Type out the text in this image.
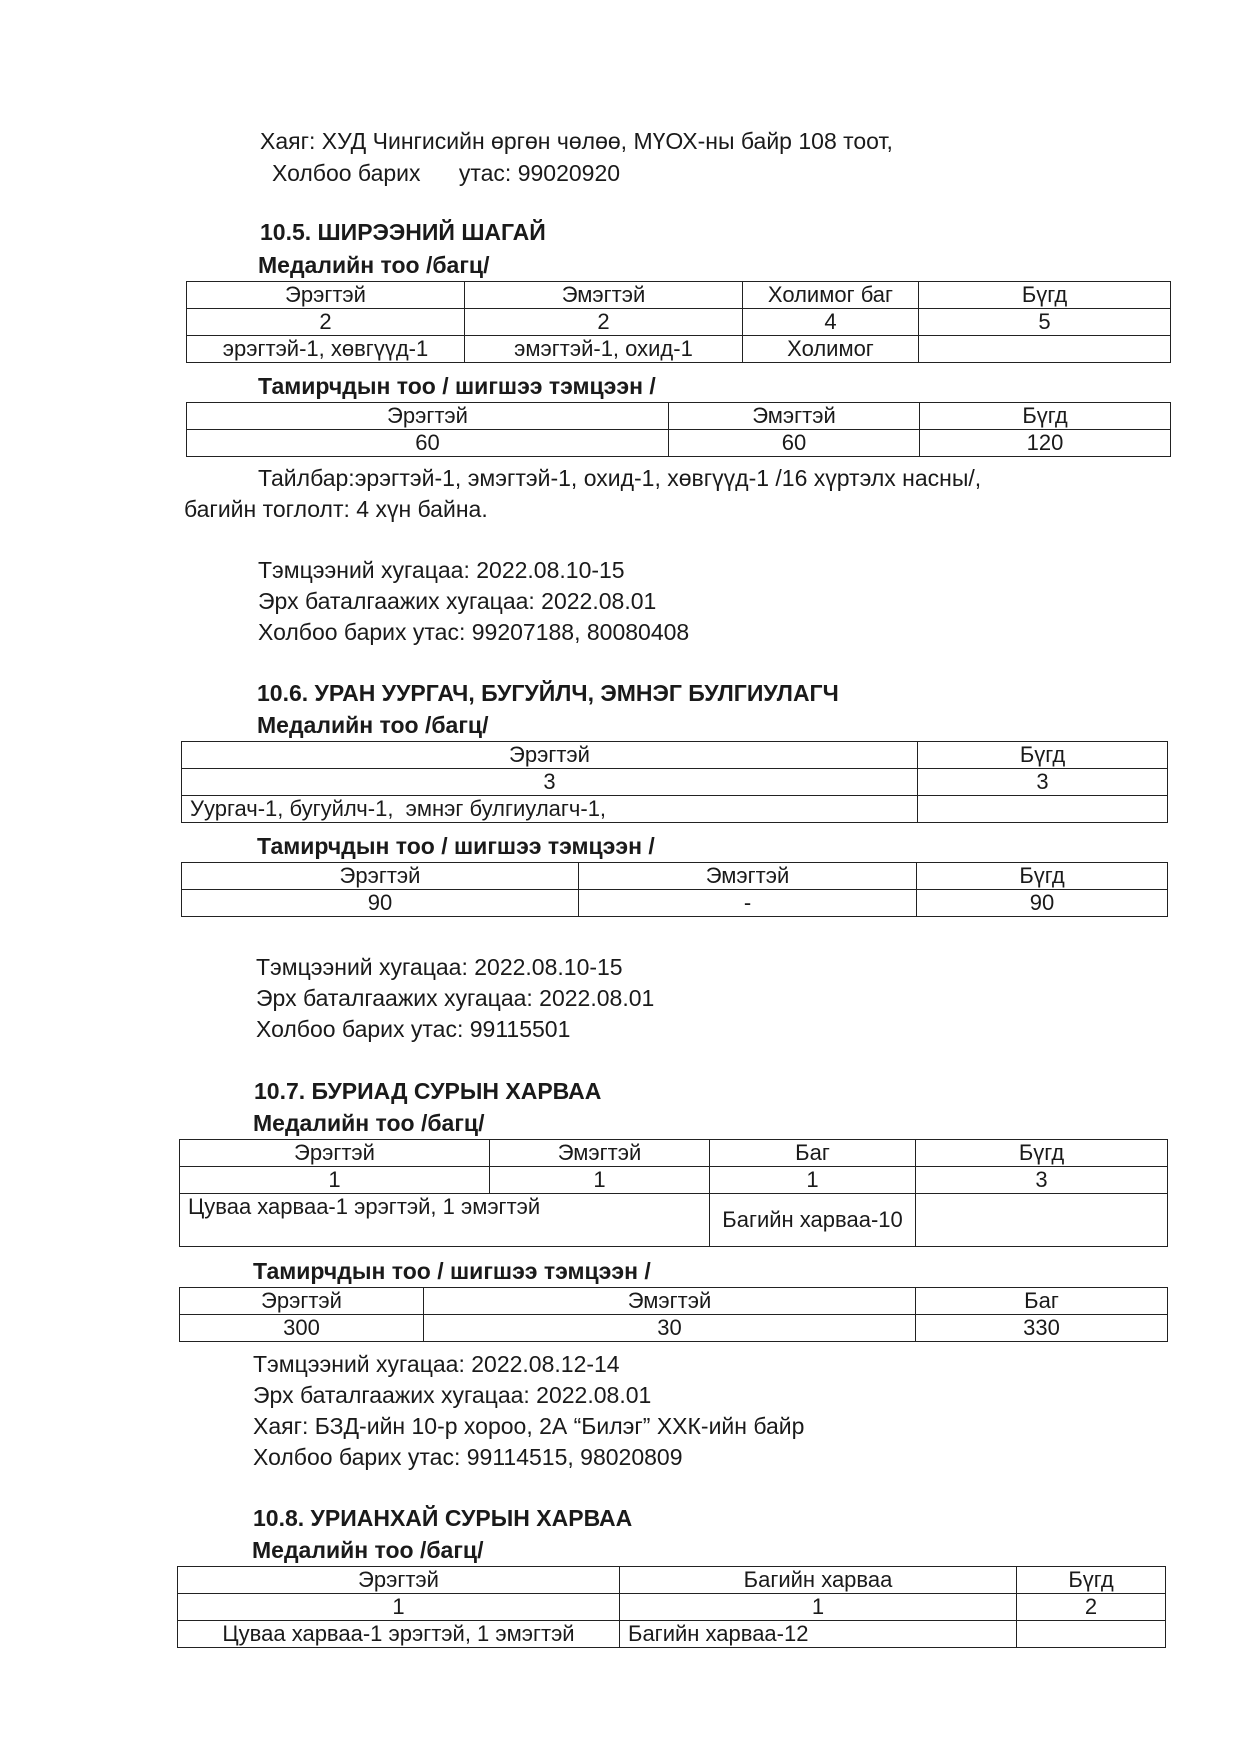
Хаяг: ХУД Чингисийн өргөн чөлөө, МҮОХ-ны байр 108 тоот,
Холбоо барих      утас: 99020920
10.5. ШИРЭЭНИЙ ШАГАЙ
Медалийн тоо /багц/
Эрэгтэй	Эмэгтэй	Холимог баг	Бүгд
2	2	4	5
эрэгтэй-1, хөвгүүд-1	эмэгтэй-1, охид-1	Холимог	
Тамирчдын тоо / шигшээ тэмцээн /
Эрэгтэй	Эмэгтэй	Бүгд
60	60	120
Тайлбар:эрэгтэй-1, эмэгтэй-1, охид-1, хөвгүүд-1 /16 хүртэлх насны/,
багийн тоглолт: 4 хүн байна.
Тэмцээний хугацаа: 2022.08.10-15
Эрх баталгаажих хугацаа: 2022.08.01
Холбоо барих утас: 99207188, 80080408
10.6. УРАН УУРГАЧ, БУГУЙЛЧ, ЭМНЭГ БУЛГИУЛАГЧ
Медалийн тоо /багц/
Эрэгтэй	Бүгд
3	3
Уургач-1, бугуйлч-1,  эмнэг булгиулагч-1,	
Тамирчдын тоо / шигшээ тэмцээн /
Эрэгтэй	Эмэгтэй	Бүгд
90	-	90
Тэмцээний хугацаа: 2022.08.10-15
Эрх баталгаажих хугацаа: 2022.08.01
Холбоо барих утас: 99115501
10.7. БУРИАД СУРЫН ХАРВАА
Медалийн тоо /багц/
Эрэгтэй	Эмэгтэй	Баг	Бүгд
1	1	1	3
Цуваа харваа-1 эрэгтэй, 1 эмэгтэй		Багийн харваа-10	
Тамирчдын тоо / шигшээ тэмцээн /
Эрэгтэй	Эмэгтэй	Баг
300	30	330
Тэмцээний хугацаа: 2022.08.12-14
Эрх баталгаажих хугацаа: 2022.08.01
Хаяг: БЗД-ийн 10-р хороо, 2А “Билэг” ХХК-ийн байр
Холбоо барих утас: 99114515, 98020809
10.8. УРИАНХАЙ СУРЫН ХАРВАА
Медалийн тоо /багц/
Эрэгтэй	Багийн харваа	Бүгд
1	1	2
Цуваа харваа-1 эрэгтэй, 1 эмэгтэй	Багийн харваа-12	
